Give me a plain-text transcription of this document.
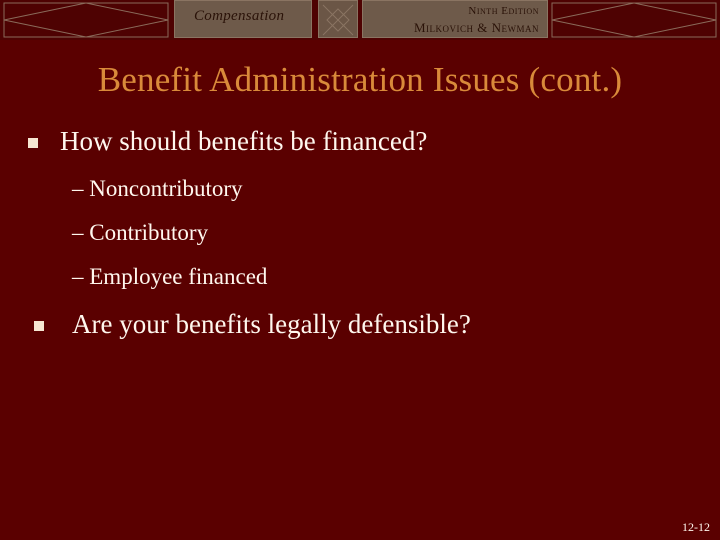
Compensation	Ninth Edition
Milkovich & Newman
Benefit Administration Issues (cont.)
How should benefits be financed?
– Noncontributory
– Contributory
– Employee financed
Are your benefits legally defensible?
12-12
